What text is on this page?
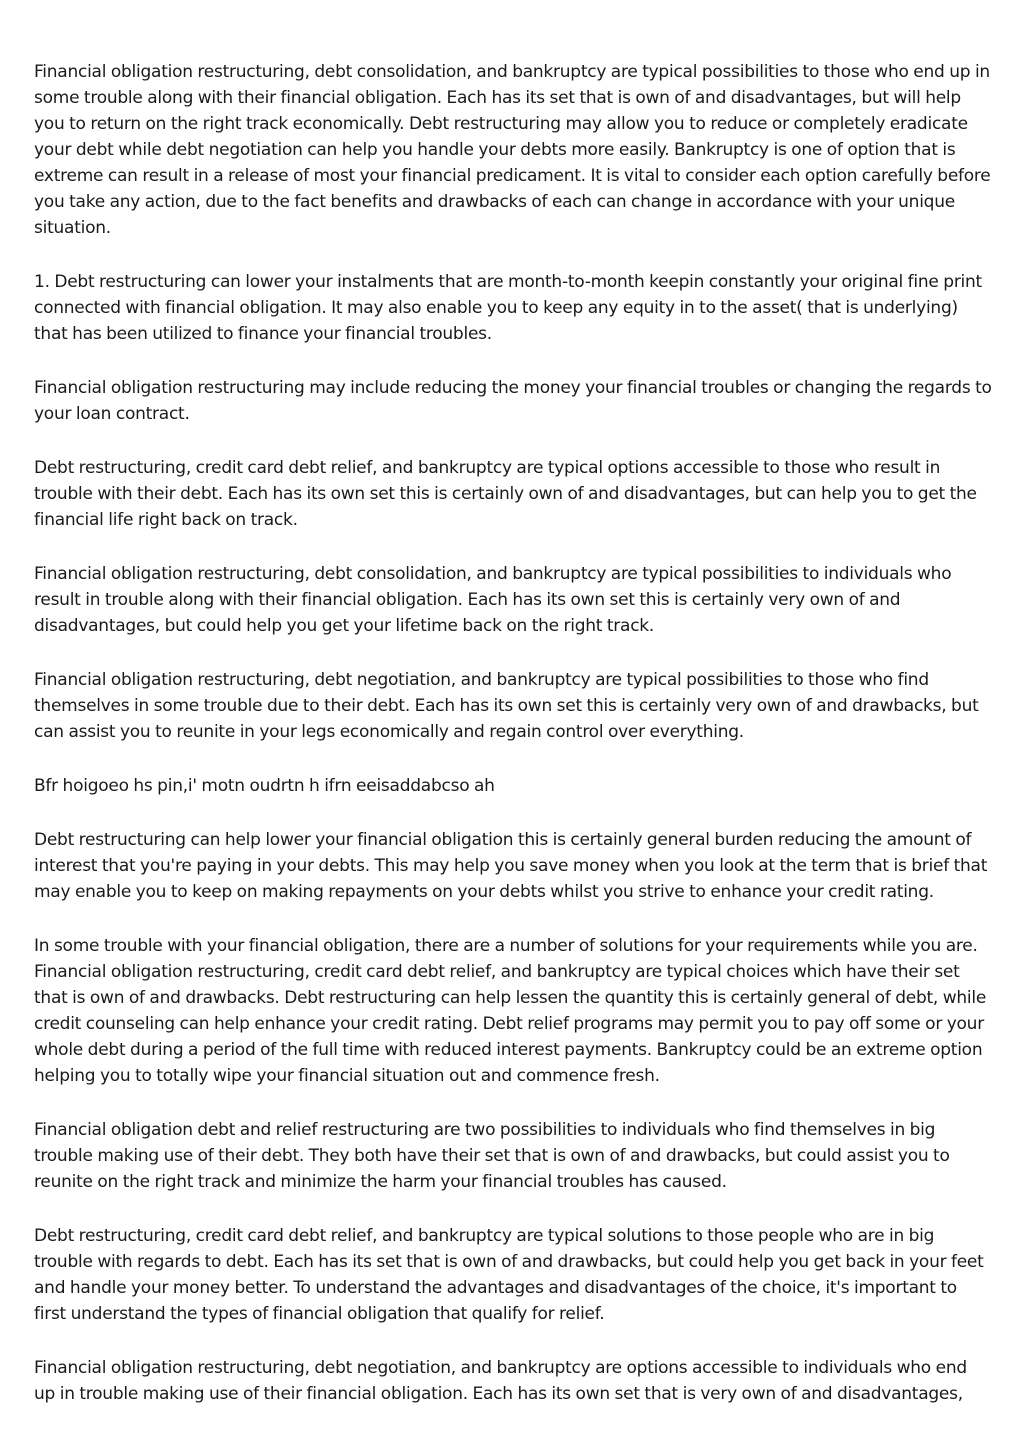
Financial obligation restructuring, debt consolidation, and bankruptcy are typical possibilities to those who end up in some trouble along with their financial obligation. Each has its set that is own of and disadvantages, but will help you to return on the right track economically. Debt restructuring may allow you to reduce or completely eradicate your debt while debt negotiation can help you handle your debts more easily. Bankruptcy is one of option that is extreme can result in a release of most your financial predicament. It is vital to consider each option carefully before you take any action, due to the fact benefits and drawbacks of each can change in accordance with your unique situation.

1. Debt restructuring can lower your instalments that are month-to-month keepin constantly your original fine print connected with financial obligation. It may also enable you to keep any equity in to the asset( that is underlying) that has been utilized to finance your financial troubles.

Financial obligation restructuring may include reducing the money your financial troubles or changing the regards to your loan contract.

Debt restructuring, credit card debt relief, and bankruptcy are typical options accessible to those who result in trouble with their debt. Each has its own set this is certainly own of and disadvantages, but can help you to get the financial life right back on track.

Financial obligation restructuring, debt consolidation, and bankruptcy are typical possibilities to individuals who result in trouble along with their financial obligation. Each has its own set this is certainly very own of and disadvantages, but could help you get your lifetime back on the right track.

Financial obligation restructuring, debt negotiation, and bankruptcy are typical possibilities to those who find themselves in some trouble due to their debt. Each has its own set this is certainly very own of and drawbacks, but can assist you to reunite in your legs economically and regain control over everything.

Bfr hoigoeo hs pin,i' motn oudrtn h ifrn eeisaddabcso ah

Debt restructuring can help lower your financial obligation this is certainly general burden reducing the amount of interest that you're paying in your debts. This may help you save money when you look at the term that is brief that may enable you to keep on making repayments on your debts whilst you strive to enhance your credit rating.

In some trouble with your financial obligation, there are a number of solutions for your requirements while you are. Financial obligation restructuring, credit card debt relief, and bankruptcy are typical choices which have their set that is own of and drawbacks. Debt restructuring can help lessen the quantity this is certainly general of debt, while credit counseling can help enhance your credit rating. Debt relief programs may permit you to pay off some or your whole debt during a period of the full time with reduced interest payments. Bankruptcy could be an extreme option helping you to totally wipe your financial situation out and commence fresh.

Financial obligation debt and relief restructuring are two possibilities to individuals who find themselves in big trouble making use of their debt. They both have their set that is own of and drawbacks, but could assist you to reunite on the right track and minimize the harm your financial troubles has caused.

Debt restructuring, credit card debt relief, and bankruptcy are typical solutions to those people who are in big trouble with regards to debt. Each has its set that is own of and drawbacks, but could help you get back in your feet and handle your money better. To understand the advantages and disadvantages of the choice, it's important to first understand the types of financial obligation that qualify for relief.

Financial obligation restructuring, debt negotiation, and bankruptcy are options accessible to individuals who end up in trouble making use of their financial obligation. Each has its own set that is very own of and disadvantages,
